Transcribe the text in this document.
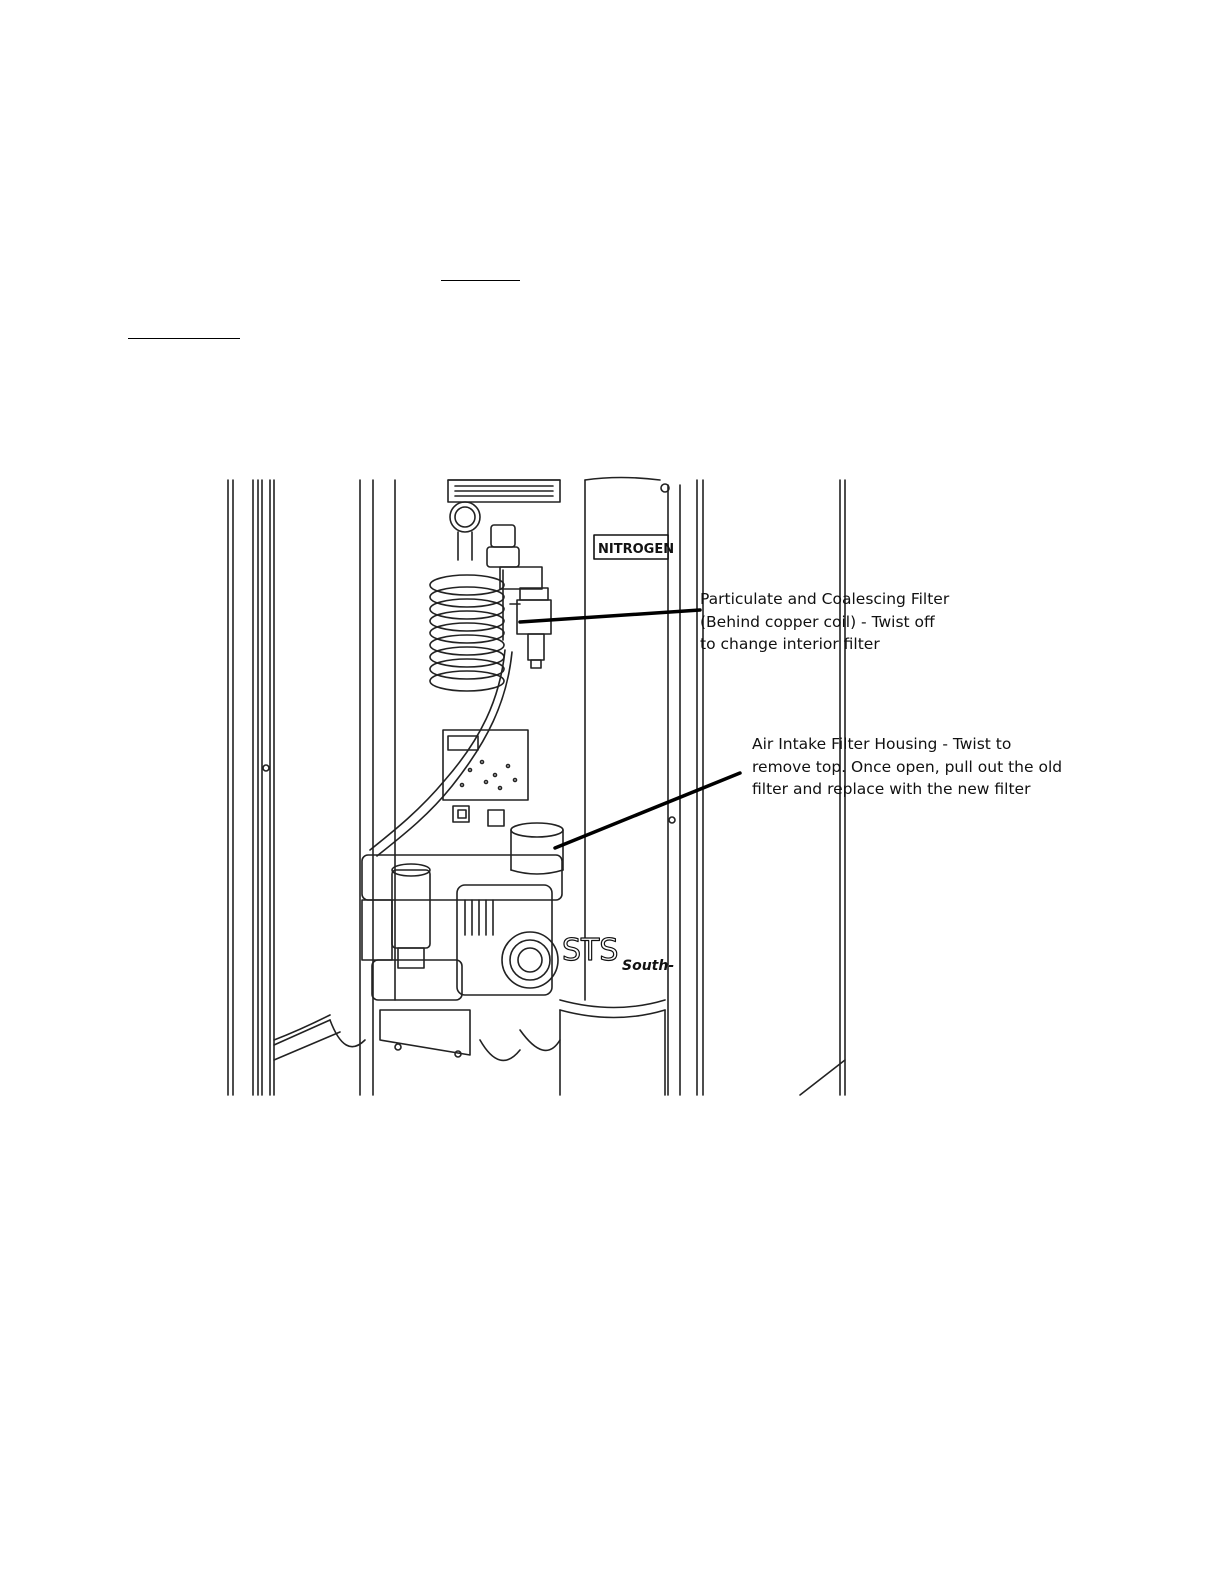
NITROGEN
STS South-
Particulate and Coalescing Filter
(Behind copper coil) - Twist off
to change interior filter
Air Intake Filter Housing - Twist to
remove top. Once open, pull out the old
filter and replace with the new filter
